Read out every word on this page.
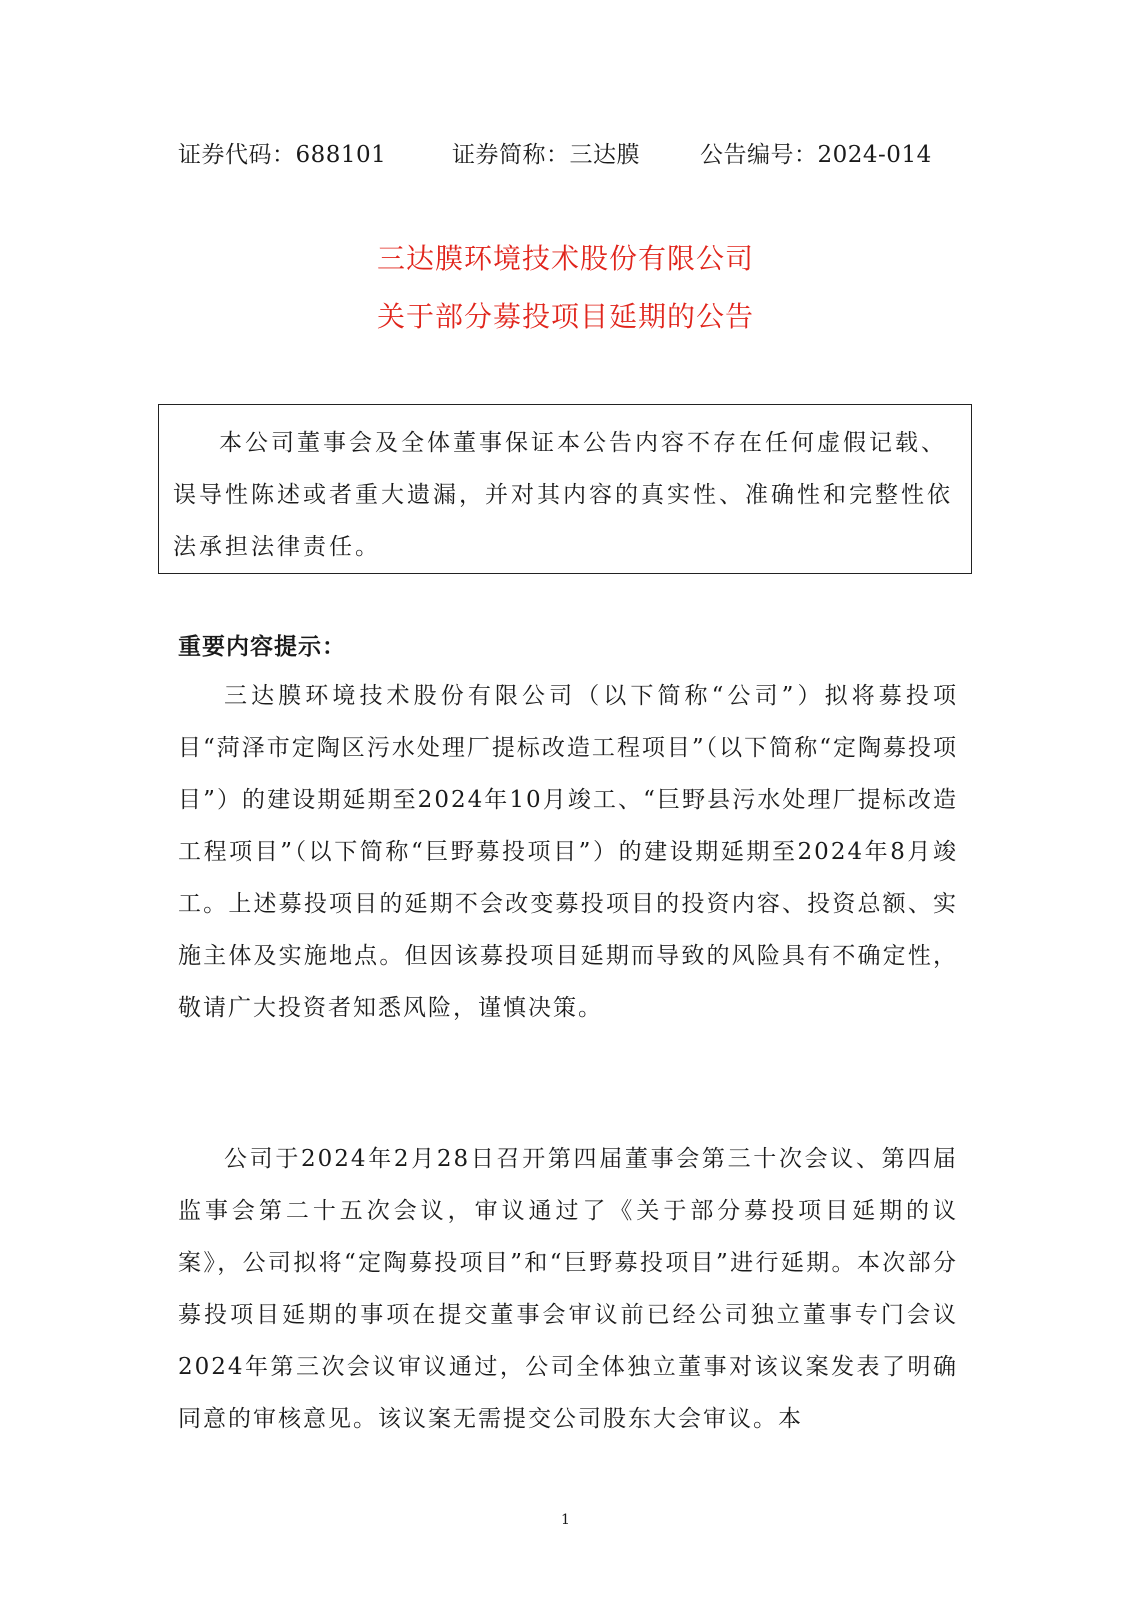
证券代码：688101	证券简称：三达膜	公告编号：2024-014
三达膜环境技术股份有限公司
关于部分募投项目延期的公告
本公司董事会及全体董事保证本公告内容不存在任何虚假记载、误导性陈述或者重大遗漏，并对其内容的真实性、准确性和完整性依法承担法律责任。
重要内容提示：
三达膜环境技术股份有限公司（以下简称“公司”）拟将募投项目“菏泽市定陶区污水处理厂提标改造工程项目”（以下简称“定陶募投项目”）的建设期延期至2024年10月竣工、“巨野县污水处理厂提标改造工程项目”（以下简称“巨野募投项目”）的建设期延期至2024年8月竣工。上述募投项目的延期不会改变募投项目的投资内容、投资总额、实施主体及实施地点。但因该募投项目延期而导致的风险具有不确定性，敬请广大投资者知悉风险，谨慎决策。
公司于2024年2月28日召开第四届董事会第三十次会议、第四届监事会第二十五次会议，审议通过了《关于部分募投项目延期的议案》，公司拟将“定陶募投项目”和“巨野募投项目”进行延期。本次部分募投项目延期的事项在提交董事会审议前已经公司独立董事专门会议2024年第三次会议审议通过，公司全体独立董事对该议案发表了明确同意的审核意见。该议案无需提交公司股东大会审议。本
1
